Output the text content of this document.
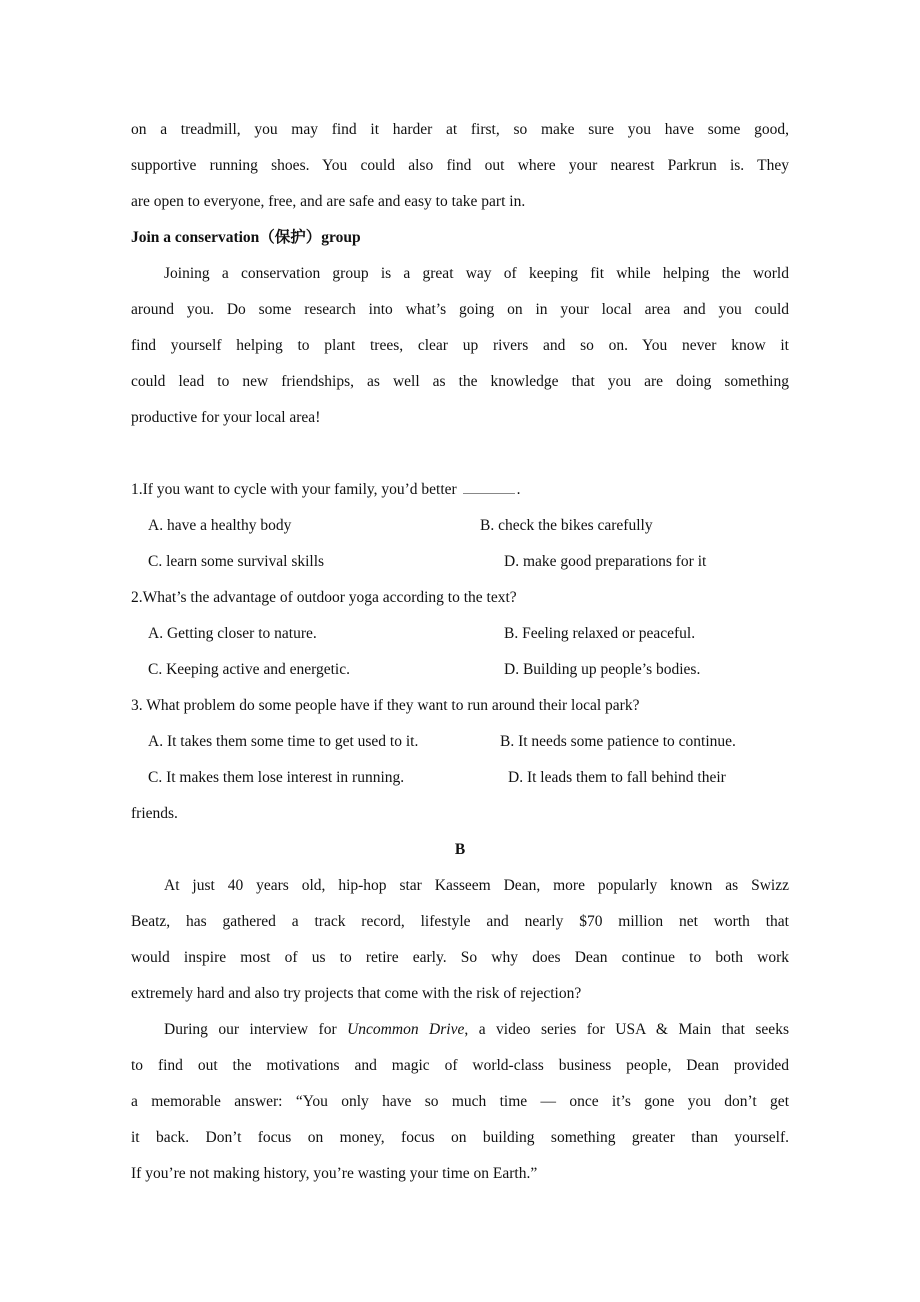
on a treadmill, you may find it harder at first, so make sure you have some good,
supportive running shoes. You could also find out where your nearest Parkrun is. They
are open to everyone, free, and are safe and easy to take part in.
Join a conservation（保护）group
Joining a conservation group is a great way of keeping fit while helping the world
around you. Do some research into what’s going on in your local area and you could
find yourself helping to plant trees, clear up rivers and so on. You never know it
could lead to new friendships, as well as the knowledge that you are doing something
productive for your local area!
1.If you want to cycle with your family, you’d better	.
A. have a healthy body	B. check the bikes carefully
C. learn some survival skills	D. make good preparations for it
2.What’s the advantage of outdoor yoga according to the text?
A. Getting closer to nature.	B. Feeling relaxed or peaceful.
C. Keeping active and energetic.	D. Building up people’s bodies.
3. What problem do some people have if they want to run around their local park?
A. It takes them some time to get used to it.	B. It needs some patience to continue.
C. It makes them lose interest in running.	D. It leads them to fall behind their
friends.
B
At just 40 years old, hip-hop star Kasseem Dean, more popularly known as Swizz
Beatz, has gathered a track record, lifestyle and nearly $70 million net worth that
would inspire most of us to retire early. So why does Dean continue to both work
extremely hard and also try projects that come with the risk of rejection?
During our interview for Uncommon Drive, a video series for USA & Main that seeks
to find out the motivations and magic of world-class business people, Dean provided
a memorable answer: “You only have so much time — once it’s gone you don’t get
it back. Don’t focus on money, focus on building something greater than yourself.
If you’re not making history, you’re wasting your time on Earth.”
